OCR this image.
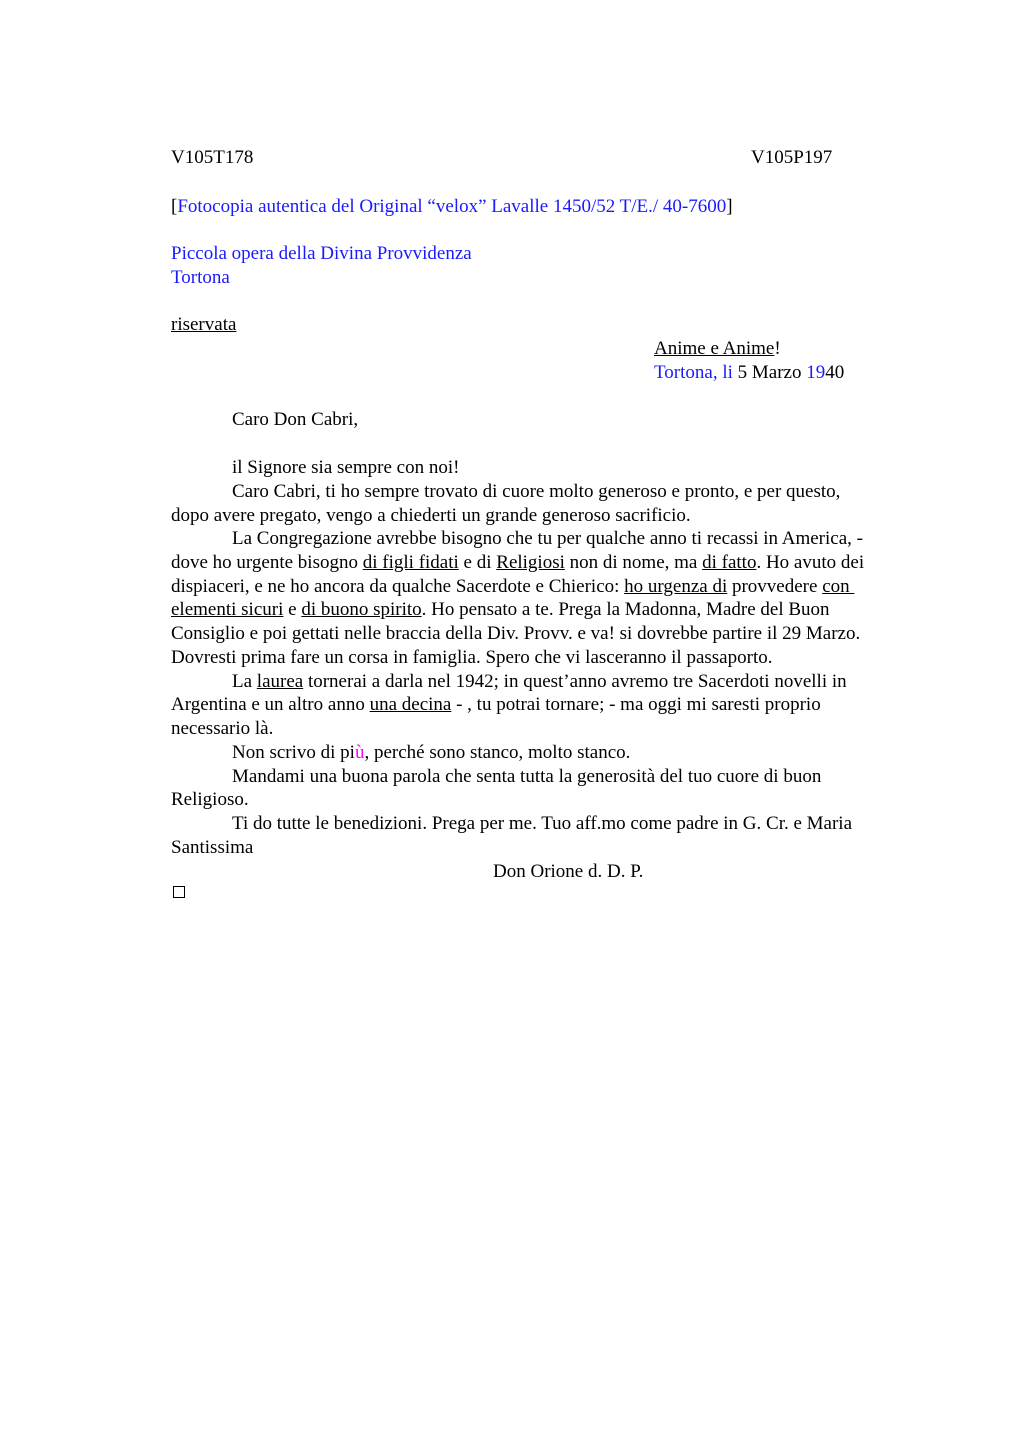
V105T178	V105P197
[Fotocopia autentica del Original “velox” Lavalle 1450/52 T/E./ 40-7600]
Piccola opera della Divina Provvidenza
Tortona
riservata
Anime e Anime!
Tortona, li 5 Marzo 1940
Caro Don Cabri,
il Signore sia sempre con noi!
Caro Cabri, ti ho sempre trovato di cuore molto generoso e pronto, e per questo,
dopo avere pregato, vengo a chiederti un grande generoso sacrificio.
La Congregazione avrebbe bisogno che tu per qualche anno ti recassi in America, -
dove ho urgente bisogno di figli fidati e di Religiosi non di nome, ma di fatto. Ho avuto dei
dispiaceri, e ne ho ancora da qualche Sacerdote e Chierico: ho urgenza di provvedere con
elementi sicuri e di buono spirito. Ho pensato a te. Prega la Madonna, Madre del Buon
Consiglio e poi gettati nelle braccia della Div. Provv. e va! si dovrebbe partire il 29 Marzo.
Dovresti prima fare un corsa in famiglia. Spero che vi lasceranno il passaporto.
La laurea tornerai a darla nel 1942; in quest’anno avremo tre Sacerdoti novelli in
Argentina e un altro anno una decina - , tu potrai tornare; - ma oggi mi saresti proprio
necessario là.
Non scrivo di più, perché sono stanco, molto stanco.
Mandami una buona parola che senta tutta la generosità del tuo cuore di buon
Religioso.
Ti do tutte le benedizioni. Prega per me. Tuo aff.mo come padre in G. Cr. e Maria
Santissima
Don Orione d. D. P.
